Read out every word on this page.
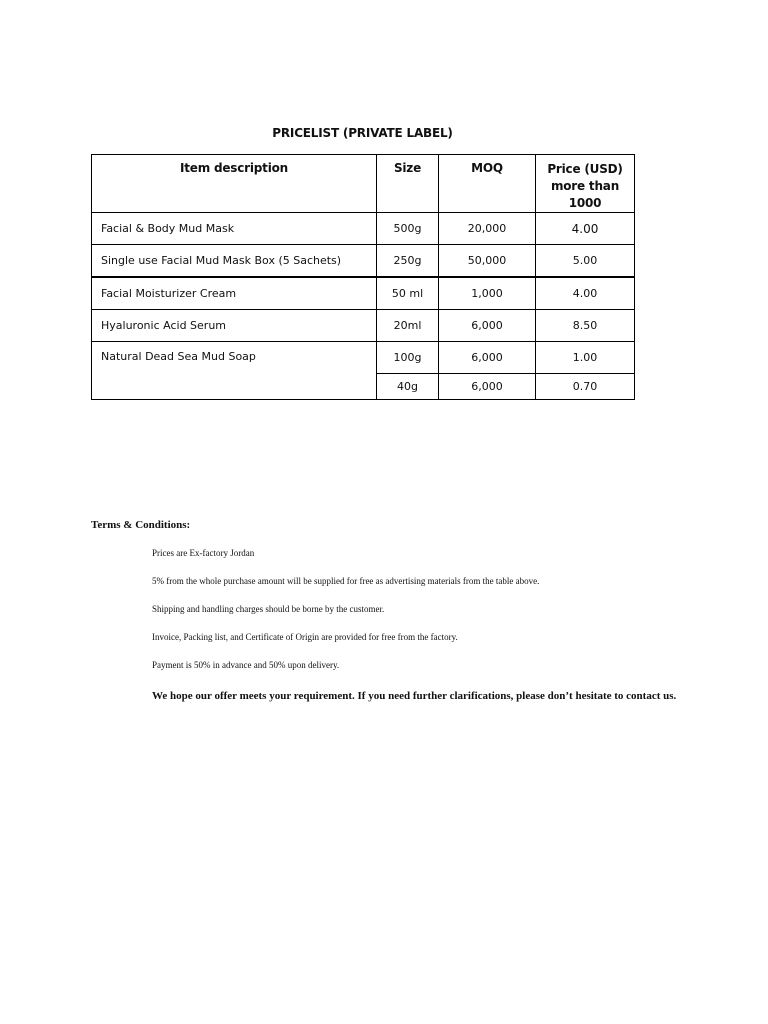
PRICELIST (PRIVATE LABEL)
Item description	Size	MOQ	Price (USD)
more than 1000

Facial & Body Mud Mask	500g	20,000	4.00
Single use Facial Mud Mask Box (5 Sachets)	250g	50,000	5.00
Facial Moisturizer Cream	50 ml	1,000	4.00
Hyaluronic Acid Serum	20ml	6,000	8.50
Natural Dead Sea Mud Soap	100g	6,000	1.00
	40g	6,000	0.70
Terms & Conditions:

Prices are Ex-factory Jordan

5% from the whole purchase amount will be supplied for free as advertising materials from the table above.

Shipping and handling charges should be borne by the customer.

Invoice, Packing list, and Certificate of Origin are provided for free from the factory.

Payment is 50% in advance and 50% upon delivery.

We hope our offer meets your requirement. If you need further clarifications, please don’t hesitate to contact us.
